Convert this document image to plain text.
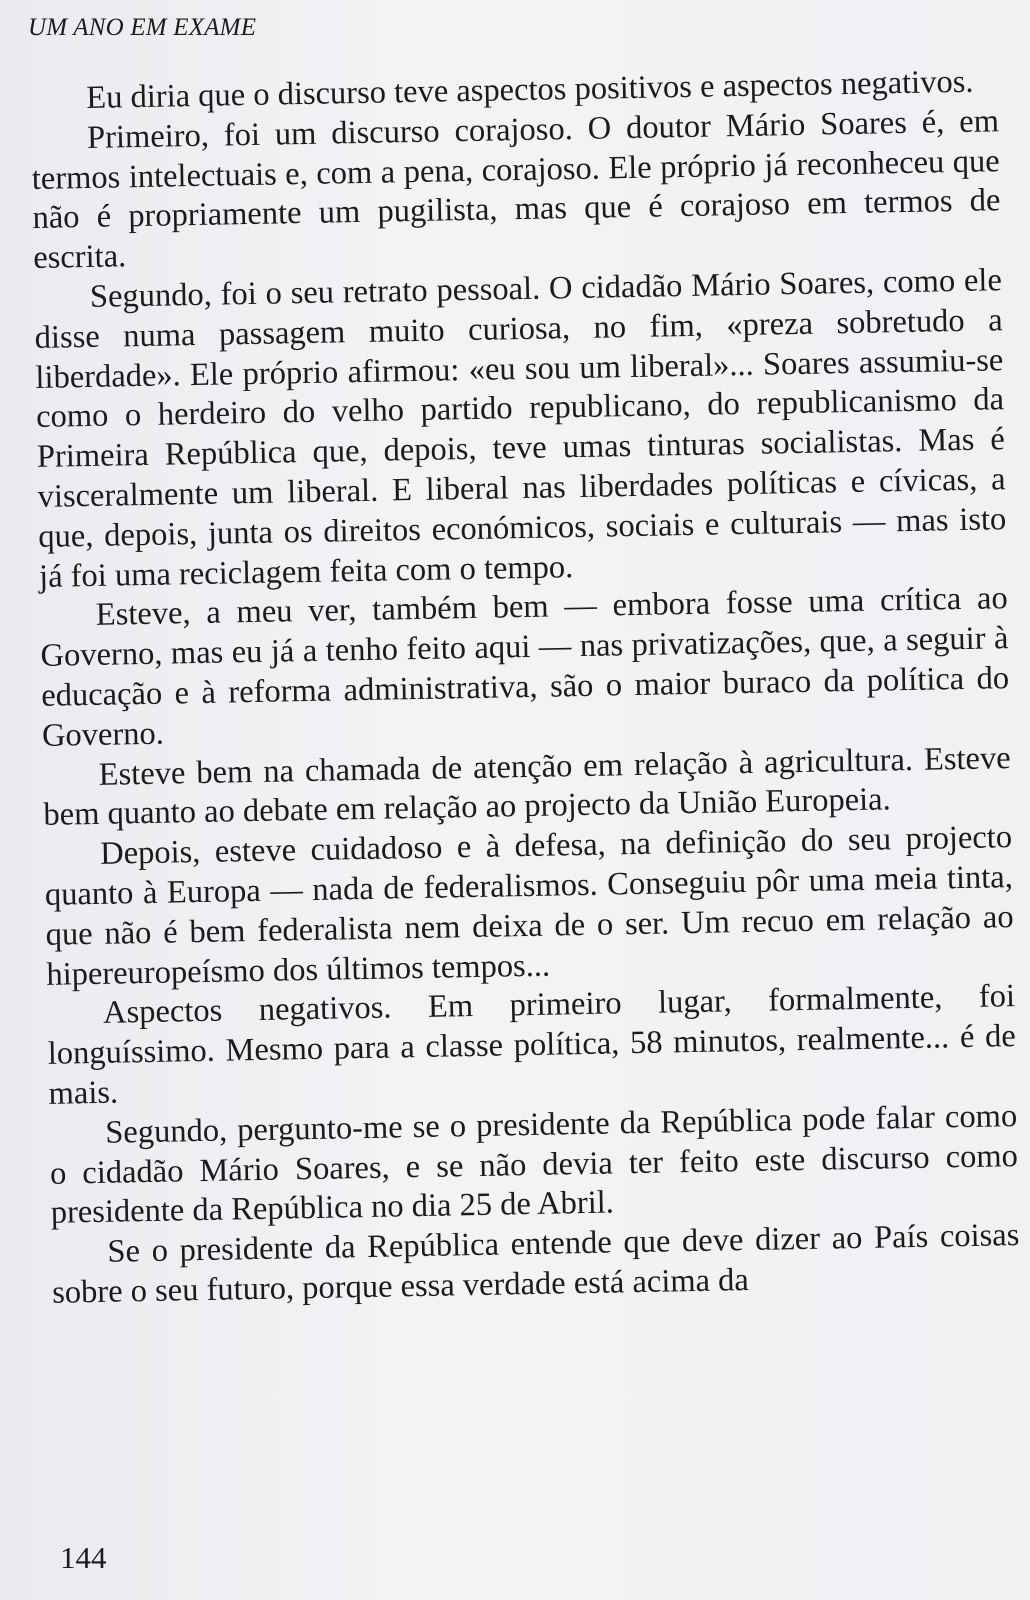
UM ANO EM EXAME

Eu diria que o discurso teve aspectos positivos e aspectos negativos.

Primeiro, foi um discurso corajoso. O doutor Mário Soares é, em termos intelectuais e, com a pena, corajoso. Ele próprio já reconheceu que não é propriamente um pugilista, mas que é corajoso em termos de escrita.

Segundo, foi o seu retrato pessoal. O cidadão Mário Soares, como ele disse numa passagem muito curiosa, no fim, «preza sobretudo a liberdade». Ele próprio afirmou: «eu sou um liberal»... Soares assumiu-se como o herdeiro do velho partido republicano, do republicanismo da Primeira República que, depois, teve umas tinturas socialistas. Mas é visceralmente um liberal. E liberal nas liberdades políticas e cívicas, a que, depois, junta os direitos económicos, sociais e culturais — mas isto já foi uma reciclagem feita com o tempo.

Esteve, a meu ver, também bem — embora fosse uma crítica ao Governo, mas eu já a tenho feito aqui — nas privatizações, que, a seguir à educação e à reforma administrativa, são o maior buraco da política do Governo.

Esteve bem na chamada de atenção em relação à agricultura. Esteve bem quanto ao debate em relação ao projecto da União Europeia.

Depois, esteve cuidadoso e à defesa, na definição do seu projecto quanto à Europa — nada de federalismos. Conseguiu pôr uma meia tinta, que não é bem federalista nem deixa de o ser. Um recuo em relação ao hipereuropeísmo dos últimos tempos...

Aspectos negativos. Em primeiro lugar, formalmente, foi longuíssimo. Mesmo para a classe política, 58 minutos, realmente... é de mais.

Segundo, pergunto-me se o presidente da República pode falar como o cidadão Mário Soares, e se não devia ter feito este discurso como presidente da República no dia 25 de Abril.

Se o presidente da República entende que deve dizer ao País coisas sobre o seu futuro, porque essa verdade está acima da

144
